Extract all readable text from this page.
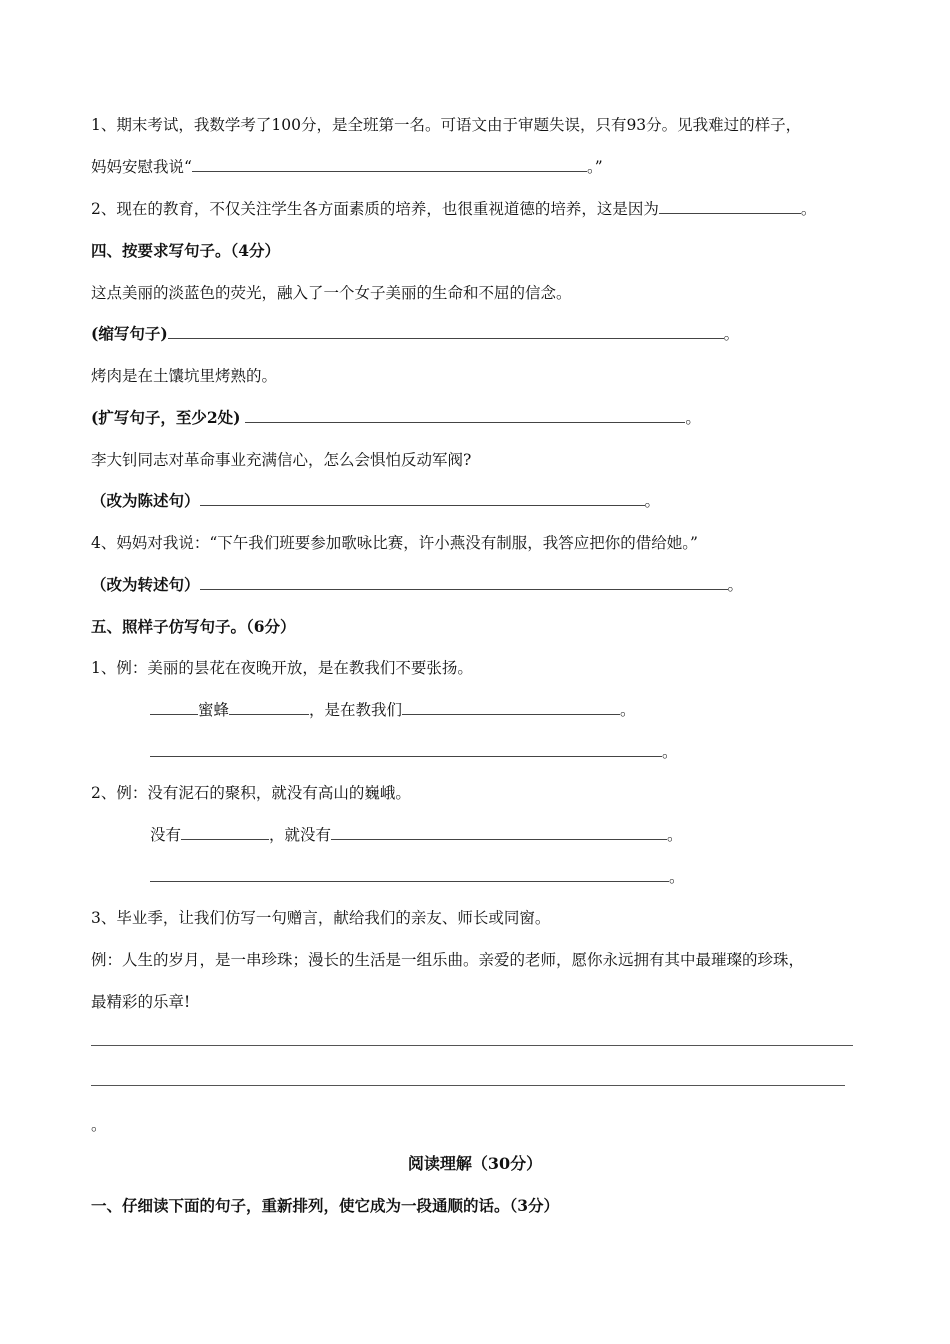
1、期末考试，我数学考了100分，是全班第一名。可语文由于审题失误，只有93分。见我难过的样子，
妈妈安慰我说“	。”
2、现在的教育，不仅关注学生各方面素质的培养，也很重视道德的培养，这是因为	。
四、按要求写句子。（4分）
这点美丽的淡蓝色的荧光，融入了一个女子美丽的生命和不屈的信念。
(缩写句子)	。
烤肉是在土馕坑里烤熟的。
(扩写句子，至少2处)	。
李大钊同志对革命事业充满信心，怎么会惧怕反动军阀?
（改为陈述句）	。
4、妈妈对我说：“下午我们班要参加歌咏比赛，许小燕没有制服，我答应把你的借给她。”
（改为转述句）	。
五、照样子仿写句子。（6分）
1、例：美丽的昙花在夜晚开放，是在教我们不要张扬。
蜜蜂	，是在教我们	。
。
2、例：没有泥石的聚积，就没有高山的巍峨。
没有	，就没有	。
。
3、毕业季，让我们仿写一句赠言，献给我们的亲友、师长或同窗。
例：人生的岁月，是一串珍珠；漫长的生活是一组乐曲。亲爱的老师，愿你永远拥有其中最璀璨的珍珠，
最精彩的乐章!
。
阅读理解（30分）
一、仔细读下面的句子，重新排列，使它成为一段通顺的话。（3分）
